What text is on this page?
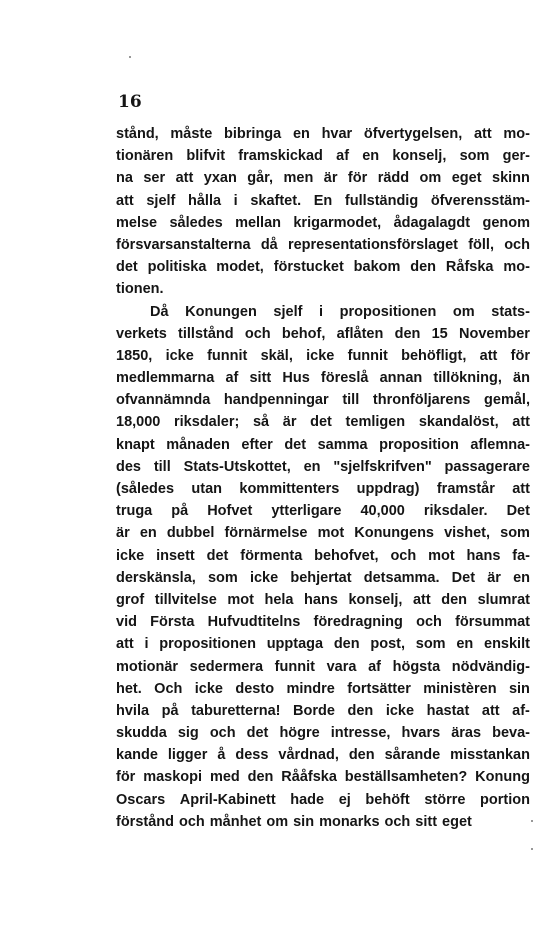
16
stånd, måste bibringa en hvar öfvertygelsen, att mo-
tionären blifvit framskickad af en konselj, som ger-
na ser att yxan går, men är för rädd om eget skinn
att sjelf hålla i skaftet. En fullständig öfverensstäm-
melse således mellan krigarmodet, ådagalagdt genom
försvarsanstalterna då representationsförslaget föll, och
det politiska modet, förstucket bakom den Råfska mo-
tionen.
Då Konungen sjelf i propositionen om stats-
verkets tillstånd och behof, aflåten den 15 November
1850, icke funnit skäl, icke funnit behöfligt, att för
medlemmarna af sitt Hus föreslå annan tillökning, än
ofvannämnda handpenningar till thronföljarens gemål,
18,000 riksdaler; så är det temligen skandalöst, att
knapt månaden efter det samma proposition aflemna-
des till Stats-Utskottet, en "sjelfskrifven" passagerare
(således utan kommittenters uppdrag) framstår att
truga på Hofvet ytterligare 40,000 riksdaler. Det
är en dubbel förnärmelse mot Konungens vishet, som
icke insett det förmenta behofvet, och mot hans fa-
derskänsla, som icke behjertat detsamma. Det är en
grof tillvitelse mot hela hans konselj, att den slumrat
vid Första Hufvudtitelns föredragning och försummat
att i propositionen upptaga den post, som en enskilt
motionär sedermera funnit vara af högsta nödvändig-
het. Och icke desto mindre fortsätter ministèren sin
hvila på taburetterna! Borde den icke hastat att af-
skudda sig och det högre intresse, hvars äras beva-
kande ligger å dess vårdnad, den sårande misstankan
för maskopi med den Rååfska beställsamheten? Konung
Oscars April-Kabinett hade ej behöft större portion
förstånd och månhet om sin monarks och sitt eget
